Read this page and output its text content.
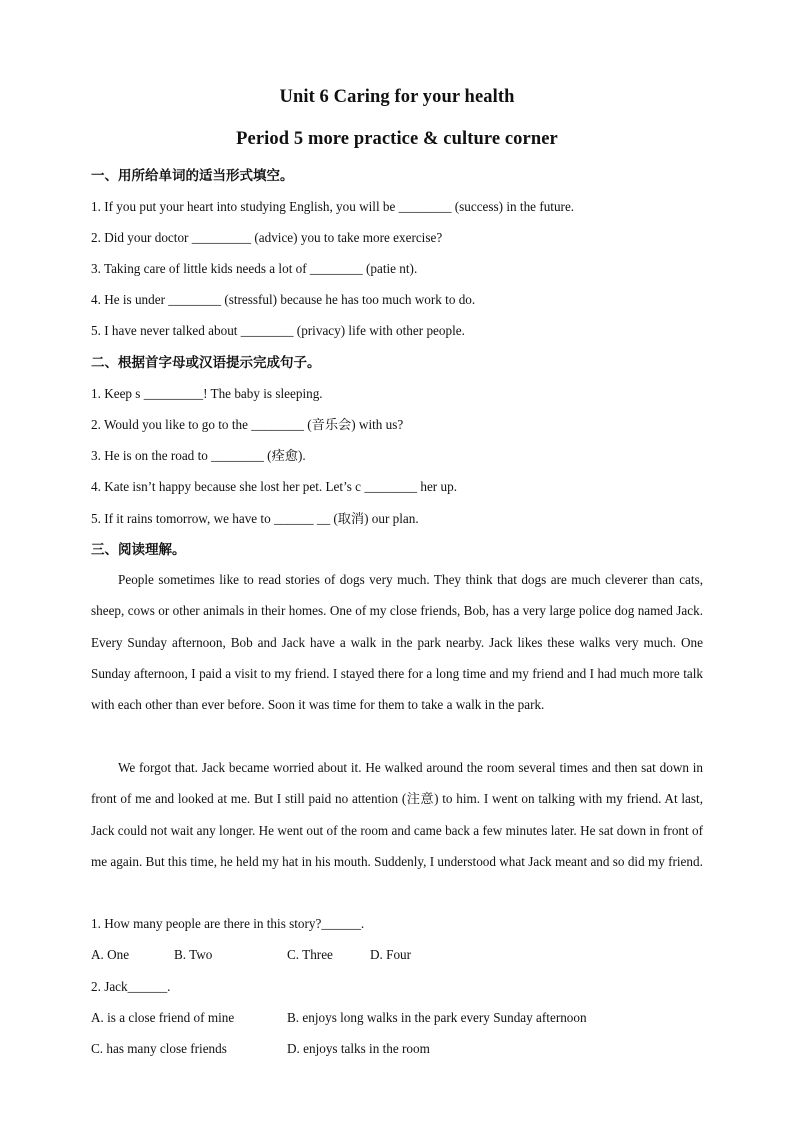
Unit 6 Caring for your health
Period 5 more practice & culture corner
一、用所给单词的适当形式填空。
1. If you put your heart into studying English, you will be ________ (success) in the future.
2. Did your doctor _________ (advice) you to take more exercise?
3. Taking care of little kids needs a lot of ________ (patie nt).
4. He is under ________ (stressful) because he has too much work to do.
5. I have never talked about ________ (privacy) life with other people.
二、根据首字母或汉语提示完成句子。
1. Keep s _________! The baby is sleeping.
2. Would you like to go to the ________ (音乐会) with us?
3. He is on the road to ________ (痊愈).
4. Kate isn’t happy because she lost her pet. Let’s c ________ her up.
5. If it rains tomorrow, we have to ______ __ (取消) our plan.
三、阅读理解。
People sometimes like to read stories of dogs very much. They think that dogs are much cleverer than cats, sheep, cows or other animals in their homes. One of my close friends, Bob, has a very large police dog named Jack. Every Sunday afternoon, Bob and Jack have a walk in the park nearby. Jack likes these walks very much. One Sunday afternoon, I paid a visit to my friend. I stayed there for a long time and my friend and I had much more talk with each other than ever before. Soon it was time for them to take a walk in the park.
We forgot that. Jack became worried about it. He walked around the room several times and then sat down in front of me and looked at me. But I still paid no attention (注意) to him. I went on talking with my friend. At last, Jack could not wait any longer. He went out of the room and came back a few minutes later. He sat down in front of me again. But this time, he held my hat in his mouth. Suddenly, I understood what Jack meant and so did my friend.
1. How many people are there in this story?______.
A. One	B. Two	C. Three	D. Four
2. Jack______.
A. is a close friend of mine	B. enjoys long walks in the park every Sunday afternoon
C. has many close friends	D. enjoys talks in the room
